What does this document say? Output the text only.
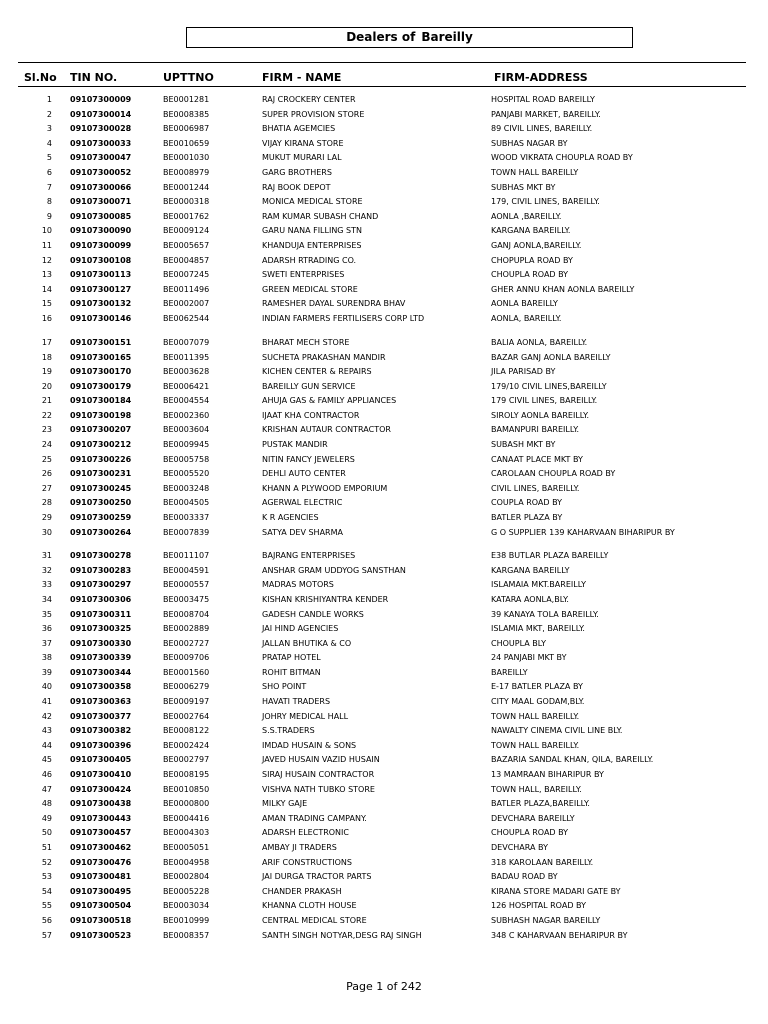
Dealers of Bareilly
Sl.No TIN NO.	UPTTNO	FIRM - NAME	FIRM-ADDRESS
1 09107300009	BE0001281	RAJ CROCKERY CENTER	HOSPITAL ROAD BAREILLY
2 09107300014	BE0008385	SUPER PROVISION STORE	PANJABI MARKET, BAREILLY.
3 09107300028	BE0006987	BHATIA AGEMCIES	89 CIVIL LINES, BAREILLY.
4 09107300033	BE0010659	VIJAY KIRANA STORE	SUBHAS NAGAR BY
5 09107300047	BE0001030	MUKUT MURARI LAL	WOOD VIKRATA CHOUPLA ROAD BY
6 09107300052	BE0008979	GARG BROTHERS	TOWN HALL BAREILLY
7 09107300066	BE0001244	RAJ BOOK DEPOT	SUBHAS MKT BY
8 09107300071	BE0000318	MONICA MEDICAL STORE	179, CIVIL LINES, BAREILLY.
9 09107300085	BE0001762	RAM KUMAR SUBASH CHAND	AONLA ,BAREILLY.
10 09107300090	BE0009124	GARU NANA FILLING STN	KARGANA BAREILLY.
11 09107300099	BE0005657	KHANDUJA ENTERPRISES	GANJ AONLA,BAREILLY.
12 09107300108	BE0004857	ADARSH RTRADING CO.	CHOPUPLA ROAD BY
13 09107300113	BE0007245	SWETI ENTERPRISES	CHOUPLA ROAD BY
14 09107300127	BE0011496	GREEN MEDICAL STORE	GHER ANNU KHAN AONLA BAREILLY
15 09107300132	BE0002007	RAMESHER DAYAL SURENDRA BHAV	AONLA BAREILLY
16 09107300146	BE0062544	INDIAN FARMERS FERTILISERS CORP LTD	AONLA, BAREILLY.
17 09107300151	BE0007079	BHARAT MECH STORE	BALIA AONLA, BAREILLY.
18 09107300165	BE0011395	SUCHETA PRAKASHAN MANDIR	BAZAR GANJ AONLA BAREILLY
19 09107300170	BE0003628	KICHEN CENTER & REPAIRS	JILA PARISAD BY
20 09107300179	BE0006421	BAREILLY GUN SERVICE	179/10 CIVIL LINES,BAREILLY
21 09107300184	BE0004554	AHUJA GAS & FAMILY APPLIANCES	179 CIVIL LINES, BAREILLY.
22 09107300198	BE0002360	IJAAT KHA CONTRACTOR	SIROLY AONLA BAREILLY.
23 09107300207	BE0003604	KRISHAN AUTAUR CONTRACTOR	BAMANPURI BAREILLY.
24 09107300212	BE0009945	PUSTAK MANDIR	SUBASH MKT BY
25 09107300226	BE0005758	NITIN FANCY JEWELERS	CANAAT PLACE MKT BY
26 09107300231	BE0005520	DEHLI AUTO CENTER	CAROLAAN CHOUPLA ROAD BY
27 09107300245	BE0003248	KHANN A PLYWOOD EMPORIUM	CIVIL LINES, BAREILLY.
28 09107300250	BE0004505	AGERWAL ELECTRIC	COUPLA ROAD BY
29 09107300259	BE0003337	K R AGENCIES	BATLER PLAZA BY
30 09107300264	BE0007839	SATYA DEV SHARMA	G O SUPPLIER 139 KAHARVAAN BIHARIPUR BY
31 09107300278	BE0011107	BAJRANG ENTERPRISES	E38 BUTLAR PLAZA BAREILLY
32 09107300283	BE0004591	ANSHAR GRAM UDDYOG SANSTHAN	KARGANA BAREILLY
33 09107300297	BE0000557	MADRAS MOTORS	ISLAMAIA MKT.BAREILLY
34 09107300306	BE0003475	KISHAN KRISHIYANTRA KENDER	KATARA AONLA,BLY.
35 09107300311	BE0008704	GADESH CANDLE WORKS	39 KANAYA TOLA BAREILLY.
36 09107300325	BE0002889	JAI HIND AGENCIES	ISLAMIA MKT, BAREILLY.
37 09107300330	BE0002727	JALLAN BHUTIKA & CO	CHOUPLA BLY
38 09107300339	BE0009706	PRATAP HOTEL	24 PANJABI MKT BY
39 09107300344	BE0001560	ROHIT BITMAN	BAREILLY
40 09107300358	BE0006279	SHO POINT	E-17 BATLER PLAZA BY
41 09107300363	BE0009197	HAVATI TRADERS	CITY MAAL GODAM,BLY.
42 09107300377	BE0002764	JOHRY MEDICAL HALL	TOWN HALL BAREILLY.
43 09107300382	BE0008122	S.S.TRADERS	NAWALTY CINEMA CIVIL LINE BLY.
44 09107300396	BE0002424	IMDAD HUSAIN & SONS	TOWN HALL BAREILLY.
45 09107300405	BE0002797	JAVED HUSAIN VAZID HUSAIN	BAZARIA SANDAL KHAN, QILA, BAREILLY.
46 09107300410	BE0008195	SIRAJ HUSAIN CONTRACTOR	13 MAMRAAN BIHARIPUR BY
47 09107300424	BE0010850	VISHVA NATH TUBKO STORE	TOWN HALL, BAREILLY.
48 09107300438	BE0000800	MILKY GAJE	BATLER PLAZA,BAREILLY.
49 09107300443	BE0004416	AMAN TRADING CAMPANY.	DEVCHARA BAREILLY
50 09107300457	BE0004303	ADARSH ELECTRONIC	CHOUPLA ROAD BY
51 09107300462	BE0005051	AMBAY JI TRADERS	DEVCHARA BY
52 09107300476	BE0004958	ARIF CONSTRUCTIONS	318 KAROLAAN BAREILLY.
53 09107300481	BE0002804	JAI DURGA TRACTOR PARTS	BADAU ROAD BY
54 09107300495	BE0005228	CHANDER PRAKASH	KIRANA STORE MADARI GATE BY
55 09107300504	BE0003034	KHANNA CLOTH HOUSE	126 HOSPITAL ROAD BY
56 09107300518	BE0010999	CENTRAL MEDICAL STORE	SUBHASH NAGAR BAREILLY
57 09107300523	BE0008357	SANTH SINGH NOTYAR,DESG RAJ SINGH	348 C KAHARVAAN BEHARIPUR BY
Page 1 of 242
